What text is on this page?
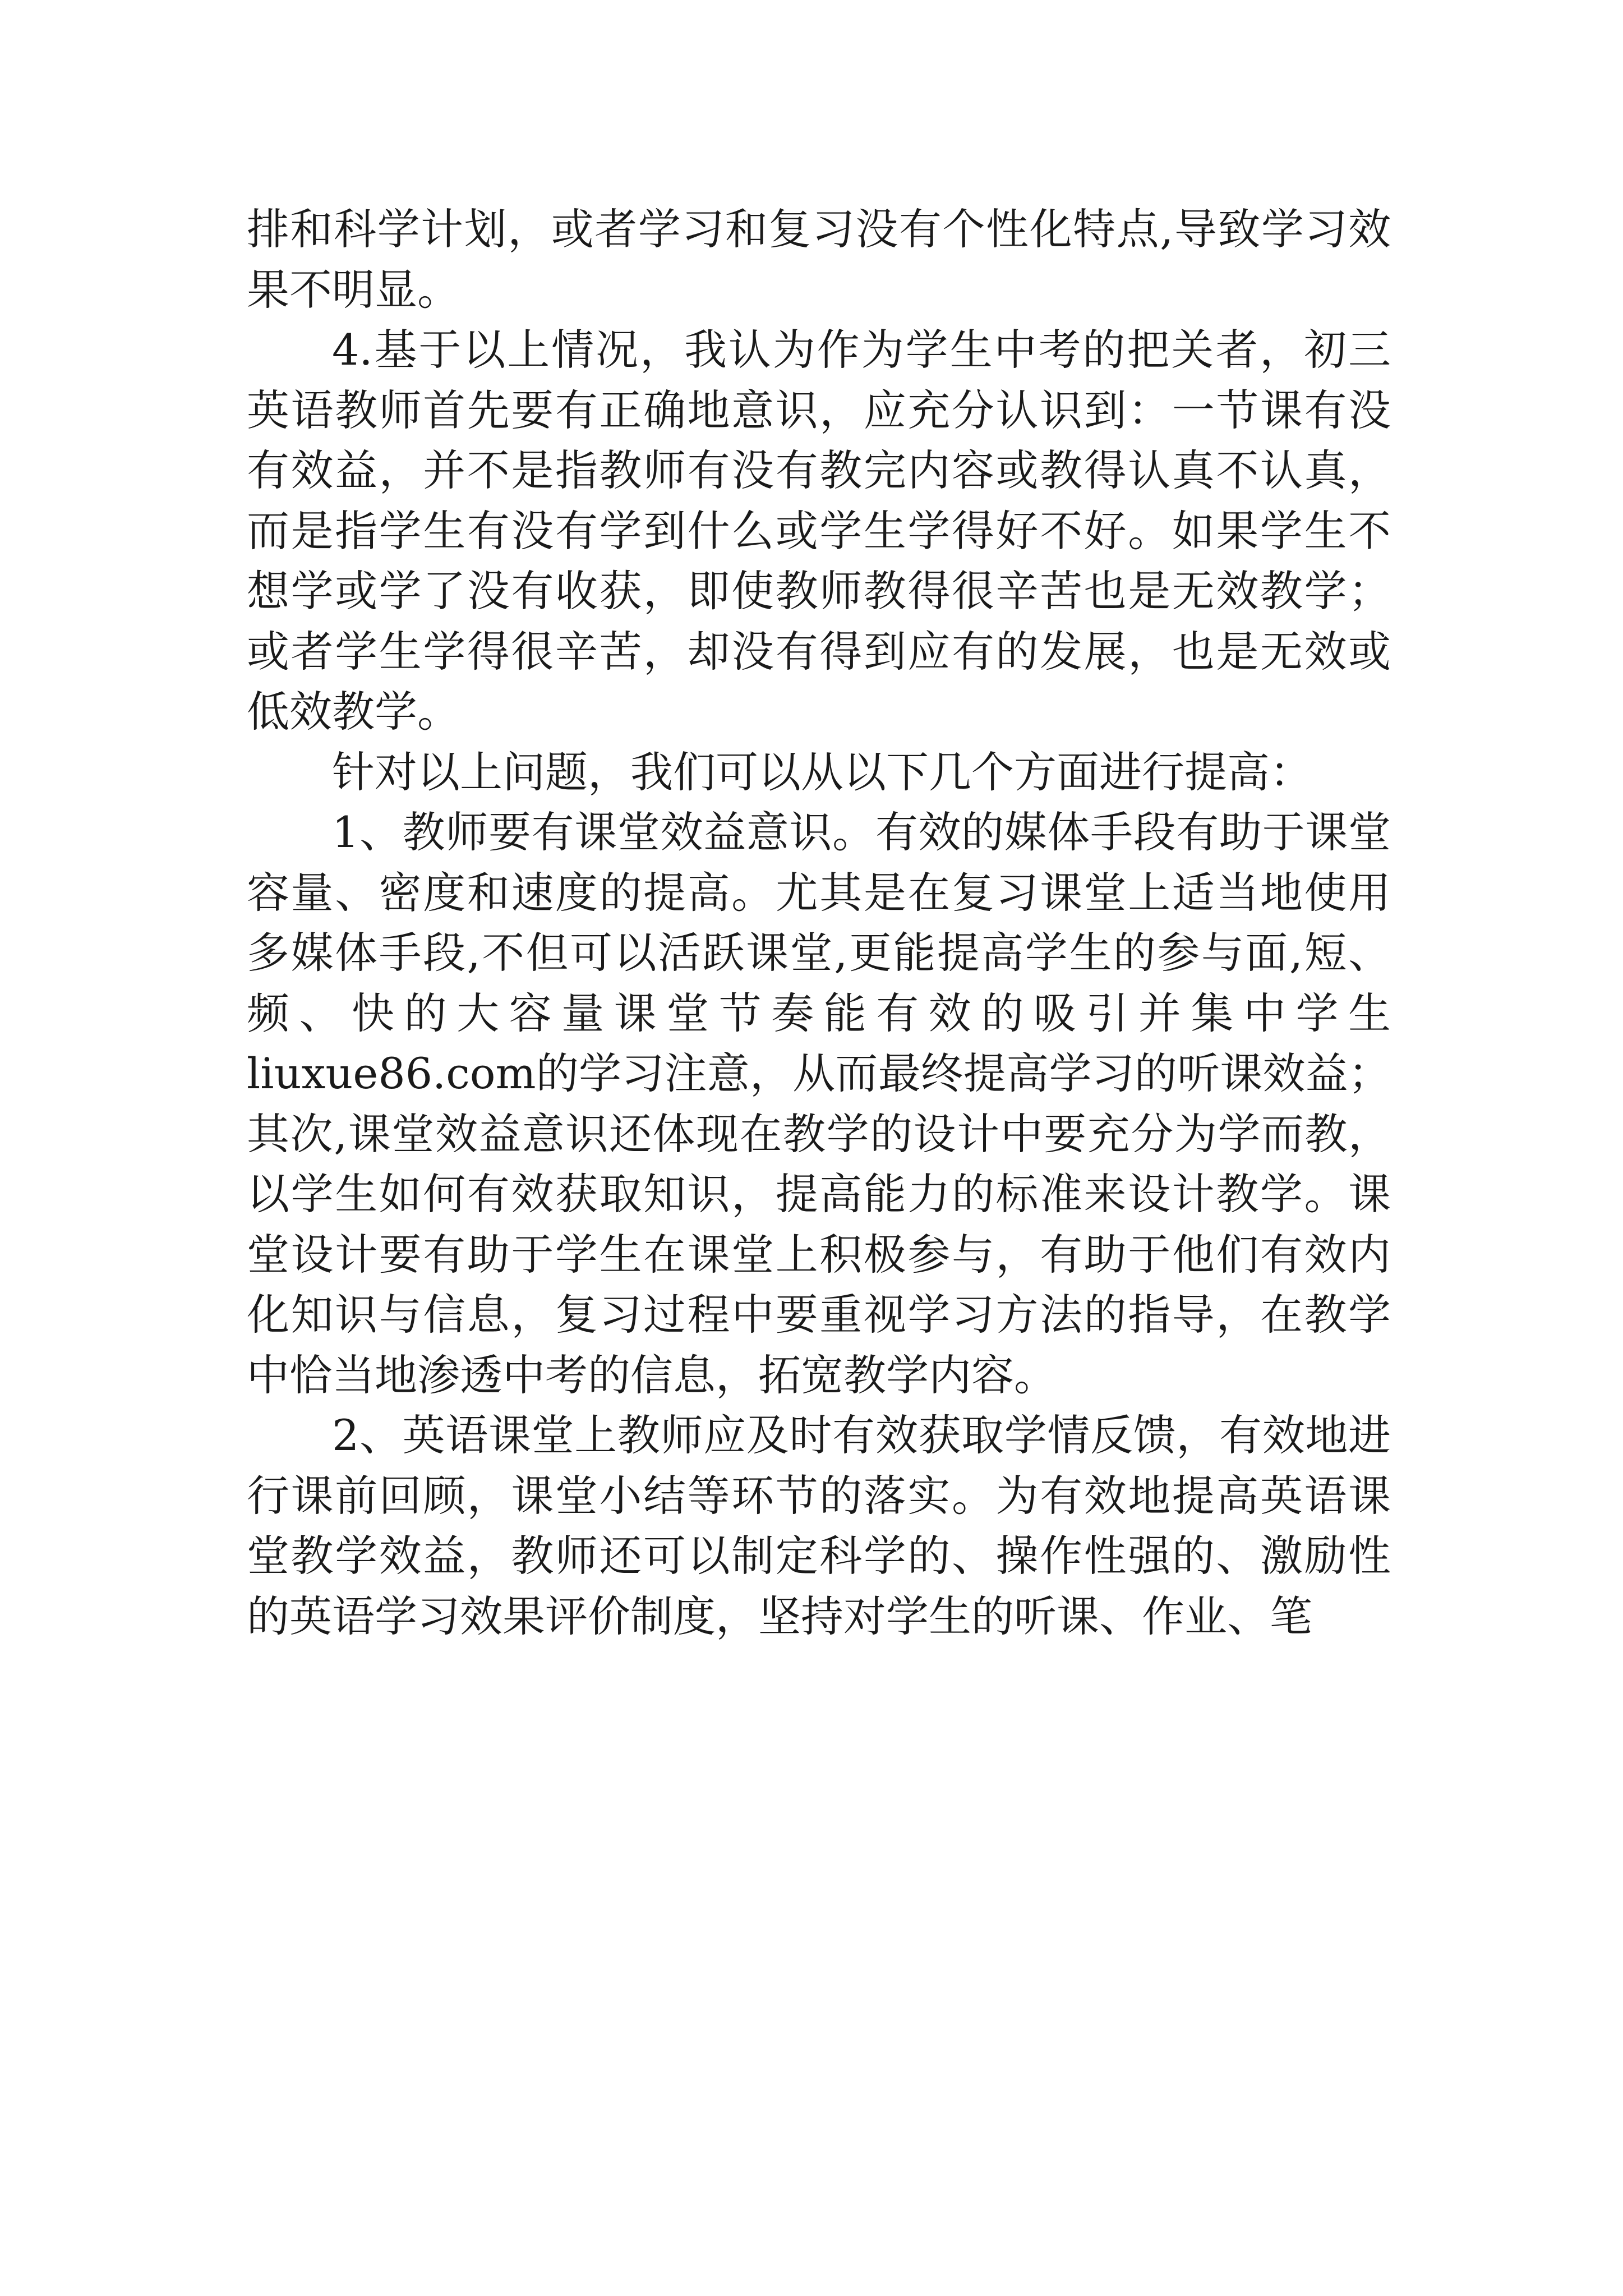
排和科学计划，或者学习和复习没有个性化特点,导致学习效果不明显。

4.基于以上情况，我认为作为学生中考的把关者，初三英语教师首先要有正确地意识，应充分认识到：一节课有没有效益，并不是指教师有没有教完内容或教得认真不认真，而是指学生有没有学到什么或学生学得好不好。如果学生不想学或学了没有收获，即使教师教得很辛苦也是无效教学；或者学生学得很辛苦，却没有得到应有的发展，也是无效或低效教学。

针对以上问题，我们可以从以下几个方面进行提高：

1、教师要有课堂效益意识。有效的媒体手段有助于课堂容量、密度和速度的提高。尤其是在复习课堂上适当地使用多媒体手段,不但可以活跃课堂,更能提高学生的参与面,短、频、快的大容量课堂节奏能有效的吸引并集中学生liuxue86.com的学习注意，从而最终提高学习的听课效益；其次,课堂效益意识还体现在教学的设计中要充分为学而教，以学生如何有效获取知识，提高能力的标准来设计教学。课堂设计要有助于学生在课堂上积极参与，有助于他们有效内化知识与信息，复习过程中要重视学习方法的指导，在教学中恰当地渗透中考的信息，拓宽教学内容。

2、英语课堂上教师应及时有效获取学情反馈，有效地进行课前回顾，课堂小结等环节的落实。为有效地提高英语课堂教学效益，教师还可以制定科学的、操作性强的、激励性的英语学习效果评价制度，坚持对学生的听课、作业、笔
